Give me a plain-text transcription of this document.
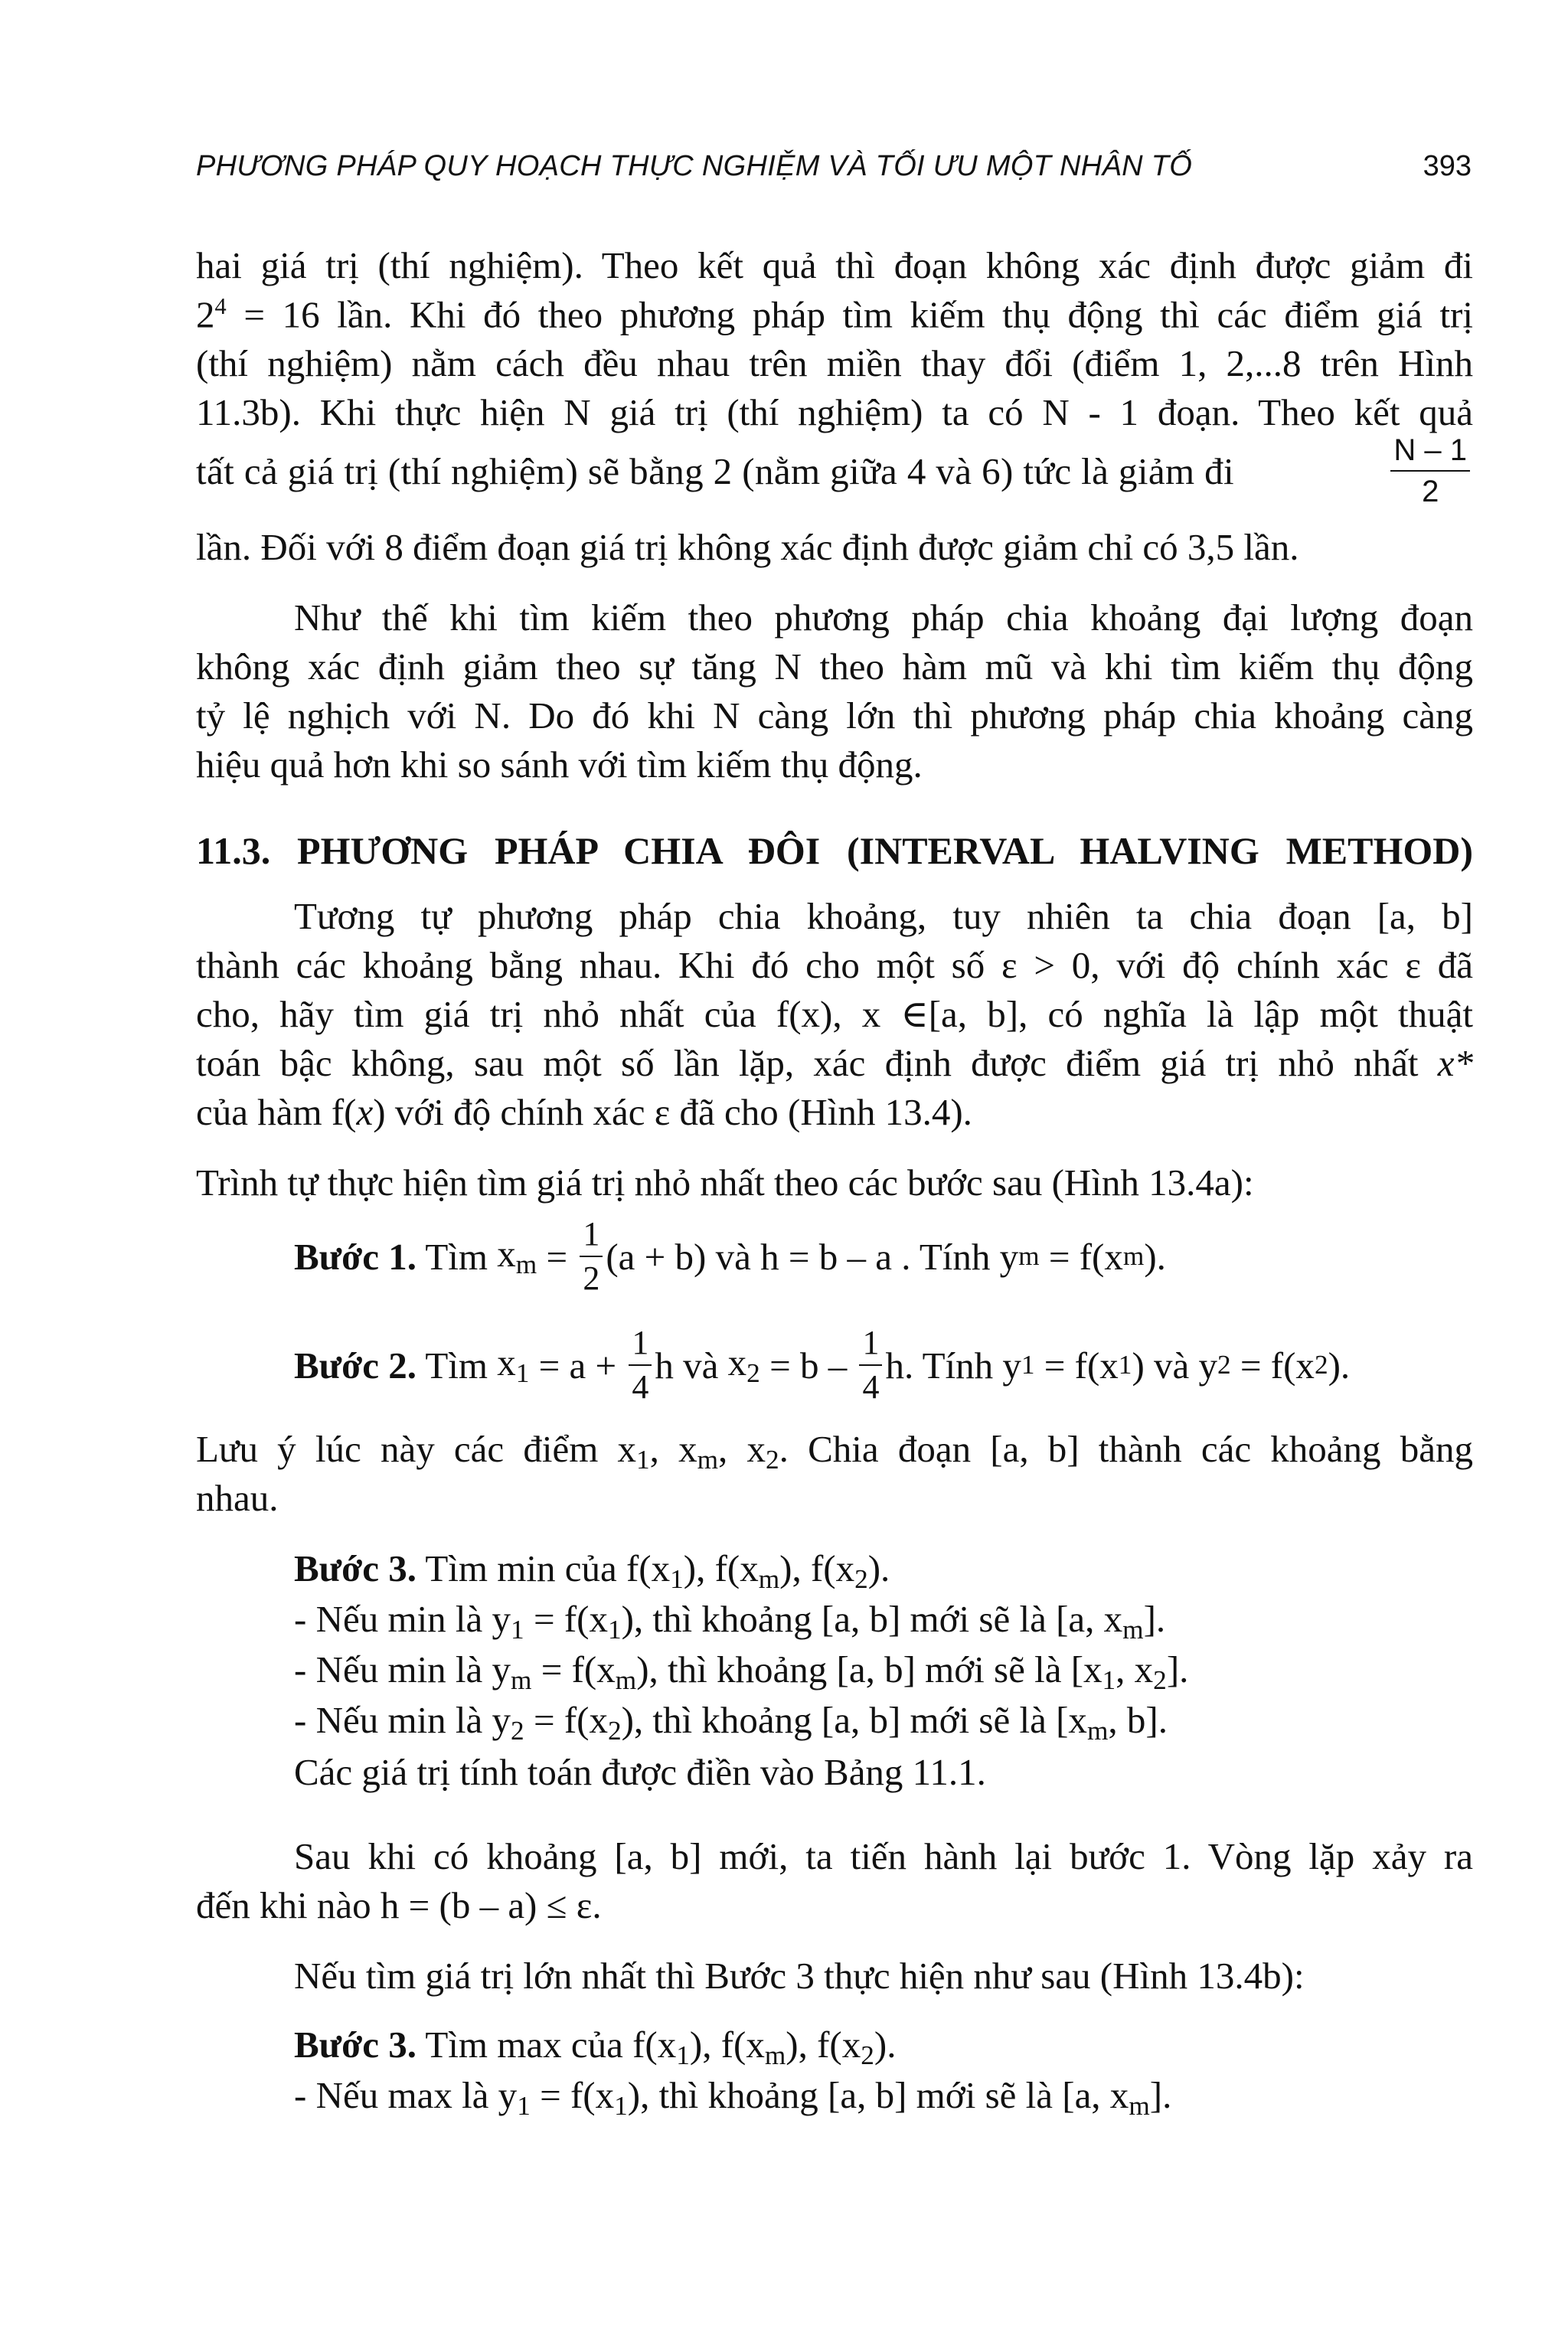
PHƯƠNG PHÁP QUY HOẠCH THỰC NGHIỆM VÀ TỐI ƯU MỘT NHÂN TỐ	393
hai giá trị (thí nghiệm). Theo kết quả thì đoạn không xác định được giảm đi
$2^4 = 16$ lần. Khi đó theo phương pháp tìm kiếm thụ động thì các điểm giá trị
(thí nghiệm) nằm cách đều nhau trên miền thay đổi (điểm 1, 2,...8 trên Hình
11.3b). Khi thực hiện N giá trị (thí nghiệm) ta có N - 1 đoạn. Theo kết quả
tất cả giá trị (thí nghiệm) sẽ bằng 2 (nằm giữa 4 và 6) tức là giảm đi	$\frac{N - 1}{2}$
lần. Đối với 8 điểm đoạn giá trị không xác định được giảm chỉ có 3,5 lần.
Như thế khi tìm kiếm theo phương pháp chia khoảng đại lượng đoạn
không xác định giảm theo sự tăng N theo hàm mũ và khi tìm kiếm thụ động
tỷ lệ nghịch với N. Do đó khi N càng lớn thì phương pháp chia khoảng càng
hiệu quả hơn khi so sánh với tìm kiếm thụ động.
11.3. PHƯƠNG PHÁP CHIA ĐÔI (INTERVAL HALVING METHOD)
Tương tự phương pháp chia khoảng, tuy nhiên ta chia đoạn [a, b]
thành các khoảng bằng nhau. Khi đó cho một số ε > 0, với độ chính xác ε đã
cho, hãy tìm giá trị nhỏ nhất của f(x), x ∈[a, b], có nghĩa là lập một thuật
toán bậc không, sau một số lần lặp, xác định được điểm giá trị nhỏ nhất x*
của hàm f(x) với độ chính xác ε đã cho (Hình 13.4).
Trình tự thực hiện tìm giá trị nhỏ nhất theo các bước sau (Hình 13.4a):
Bước 1. Tìm $x_m = \frac{1}{2} (a + b)$ và h = b – a . Tính y m = f(x m ).
Bước 2. Tìm $x_1 = a + \frac{1}{4}$ h và $x_2 = b - \frac{1}{4} h$. Tính y 1 = f(x 1 ) và y 2 = f(x 2 ).
Lưu ý lúc này các điểm $x_1$, $x_m$, $x_2$. Chia đoạn [a, b] thành các khoảng bằng
nhau.
Bước 3. Tìm min của $f(x_1)$, $f(x_m)$, $f(x_2)$.
- Nếu min là $y_1 = f(x_1)$, thì khoảng [a, b] mới sẽ là [a, $x_m$].
- Nếu min là $y_m = f(x_m)$, thì khoảng [a, b] mới sẽ là [$x_1$, $x_2$].
- Nếu min là $y_2 = f(x_2)$, thì khoảng [a, b] mới sẽ là [$x_m$, b].
Các giá trị tính toán được điền vào Bảng 11.1.
Sau khi có khoảng [a, b] mới, ta tiến hành lại bước 1. Vòng lặp xảy ra
đến khi nào h = (b – a) ≤ ε.
Nếu tìm giá trị lớn nhất thì Bước 3 thực hiện như sau (Hình 13.4b):
Bước 3. Tìm max của $f(x_1)$, $f(x_m)$, $f(x_2)$.
- Nếu max là $y_1 = f(x_1)$, thì khoảng [a, b] mới sẽ là [a, $x_m$].
